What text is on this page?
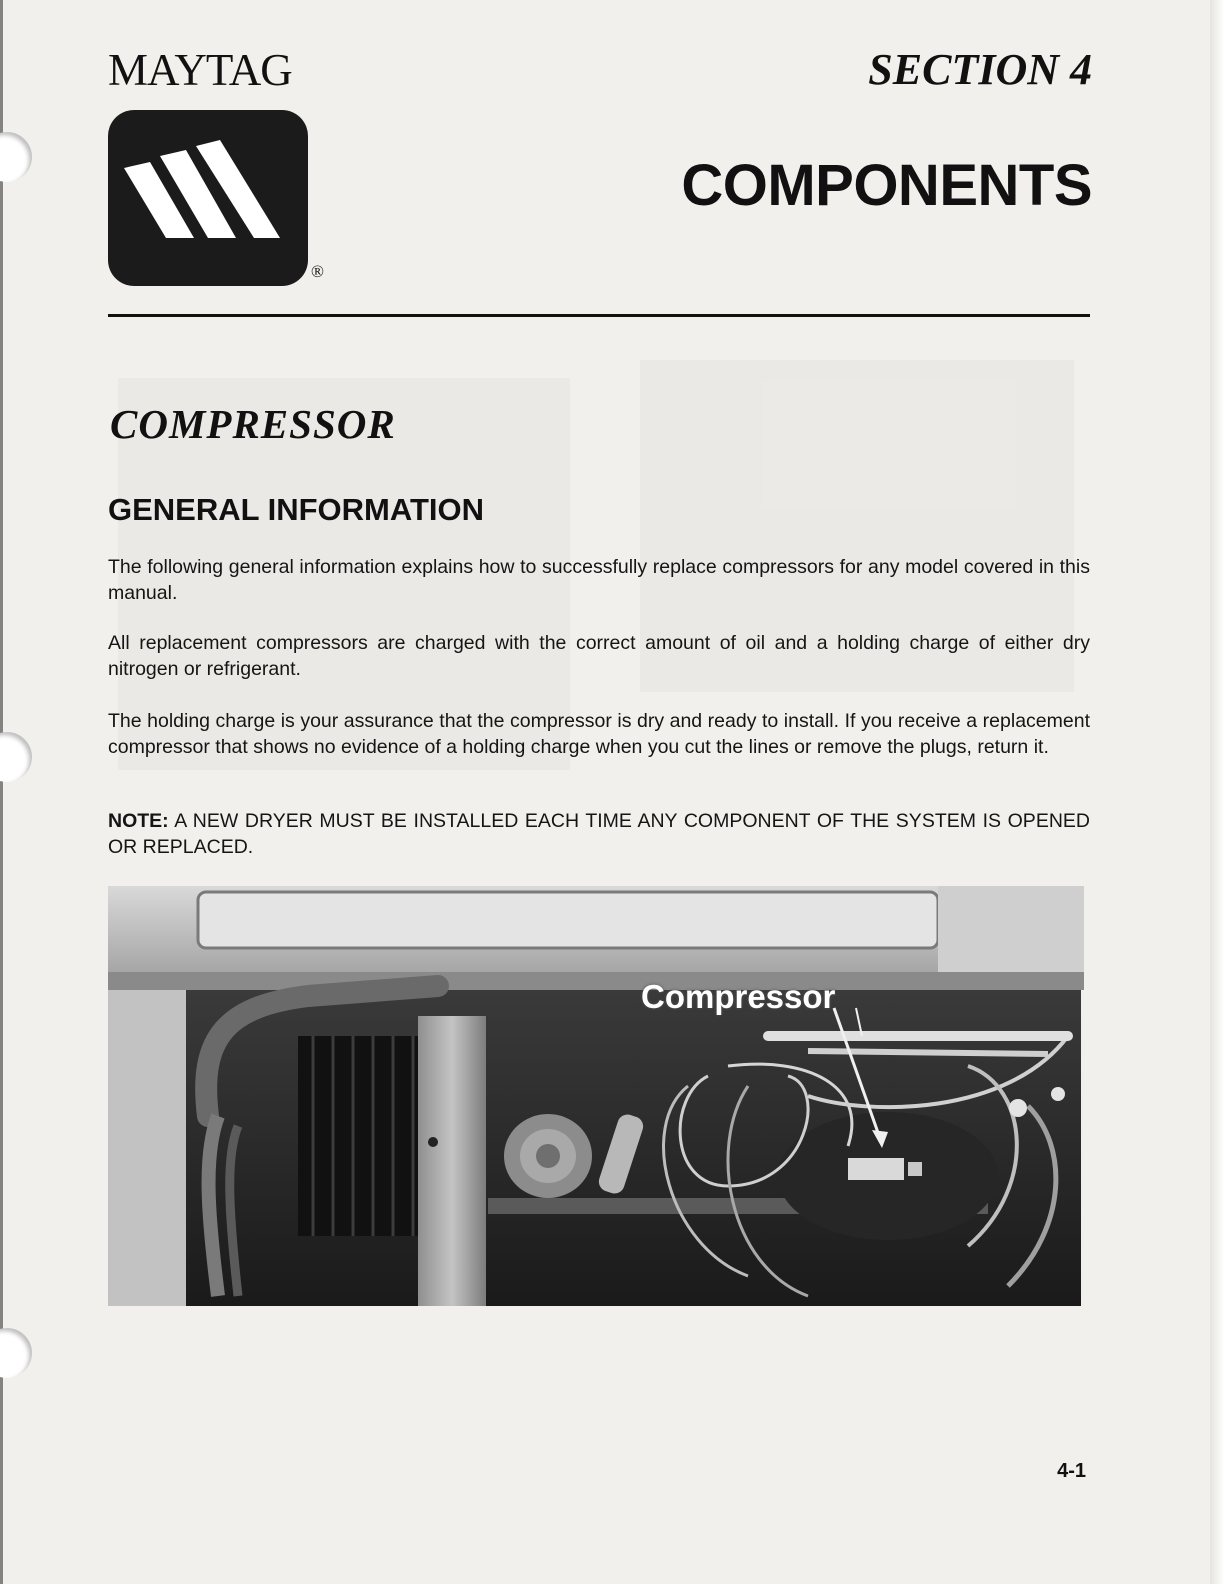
MAYTAG	SECTION 4
®
COMPONENTS
COMPRESSOR
GENERAL INFORMATION
The following general information explains how to successfully replace compressors for any model covered in this manual.
All replacement compressors are charged with the correct amount of oil and a holding charge of either dry nitrogen or refrigerant.
The holding charge is your assurance that the compressor is dry and ready to install. If you receive a replacement compressor that shows no evidence of a holding charge when you cut the lines or remove the plugs, return it.
NOTE: A NEW DRYER MUST BE INSTALLED EACH TIME ANY COMPONENT OF THE SYSTEM IS OPENED OR REPLACED.
Compressor
4-1
